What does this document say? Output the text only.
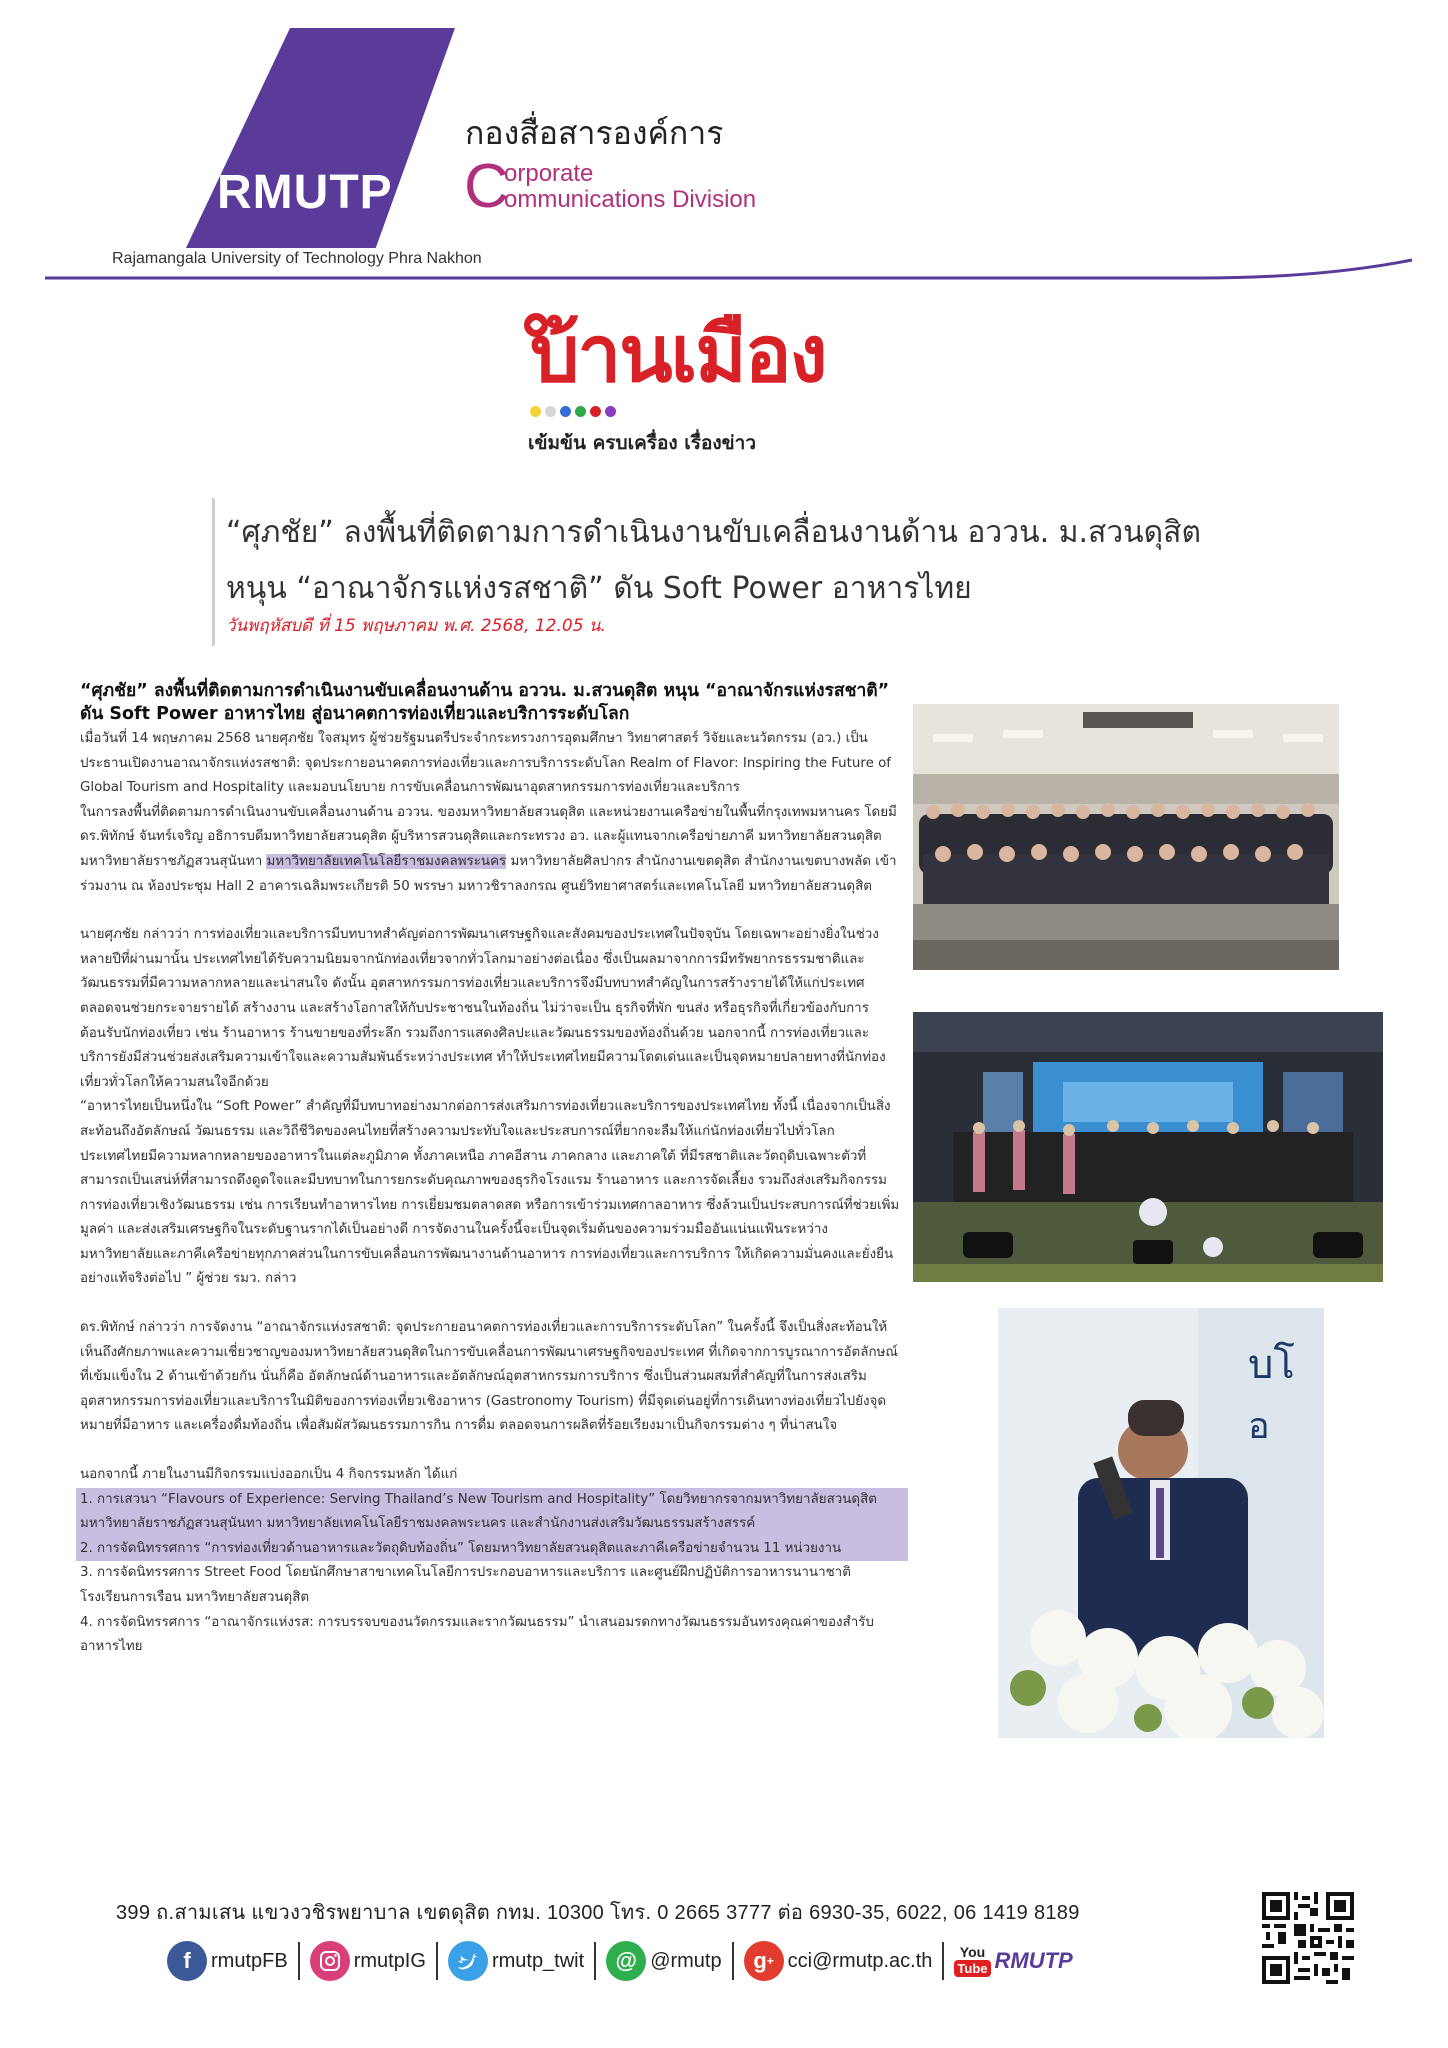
RMUTP
Rajamangala University of Technology Phra Nakhon
กองสื่อสารองค์การ
C
orporate
ommunications Division
บ้านเมือง
เข้มข้น ครบเครื่อง เรื่องข่าว
“ศุภชัย” ลงพื้นที่ติดตามการดำเนินงานขับเคลื่อนงานด้าน อววน. ม.สวนดุสิต
หนุน “อาณาจักรแห่งรสชาติ” ดัน Soft Power อาหารไทย
วันพฤหัสบดี ที่ 15 พฤษภาคม พ.ศ. 2568, 12.05 น.
“ศุภชัย” ลงพื้นที่ติดตามการดำเนินงานขับเคลื่อนงานด้าน อววน. ม.สวนดุสิต หนุน “อาณาจักรแห่งรสชาติ” ดัน Soft Power อาหารไทย สู่อนาคตการท่องเที่ยวและบริการระดับโลก

เมื่อวันที่ 14 พฤษภาคม 2568 นายศุภชัย ใจสมุทร ผู้ช่วยรัฐมนตรีประจำกระทรวงการอุดมศึกษา วิทยาศาสตร์ วิจัยและนวัตกรรม (อว.) เป็นประธานเปิดงานอาณาจักรแห่งรสชาติ: จุดประกายอนาคตการท่องเที่ยวและการบริการระดับโลก Realm of Flavor: Inspiring the Future of Global Tourism and Hospitality และมอบนโยบาย การขับเคลื่อนการพัฒนาอุตสาหกรรมการท่องเที่ยวและบริการ

ในการลงพื้นที่ติดตามการดำเนินงานขับเคลื่อนงานด้าน อววน. ของมหาวิทยาลัยสวนดุสิต และหน่วยงานเครือข่ายในพื้นที่กรุงเทพมหานคร โดยมี ดร.พิทักษ์ จันทร์เจริญ อธิการบดีมหาวิทยาลัยสวนดุสิต ผู้บริหารสวนดุสิตและกระทรวง อว. และผู้แทนจากเครือข่ายภาคี มหาวิทยาลัยสวนดุสิต มหาวิทยาลัยราชภัฏสวนสุนันทา มหาวิทยาลัยเทคโนโลยีราชมงคลพระนคร มหาวิทยาลัยศิลปากร สำนักงานเขตดุสิต สำนักงานเขตบางพลัด เข้าร่วมงาน ณ ห้องประชุม Hall 2 อาคารเฉลิมพระเกียรติ 50 พรรษา มหาวชิราลงกรณ ศูนย์วิทยาศาสตร์และเทคโนโลยี มหาวิทยาลัยสวนดุสิต

นายศุภชัย กล่าวว่า การท่องเที่ยวและบริการมีบทบาทสำคัญต่อการพัฒนาเศรษฐกิจและสังคมของประเทศในปัจจุบัน โดยเฉพาะอย่างยิ่งในช่วงหลายปีที่ผ่านมานั้น ประเทศไทยได้รับความนิยมจากนักท่องเที่ยวจากทั่วโลกมาอย่างต่อเนื่อง ซึ่งเป็นผลมาจากการมีทรัพยากรธรรมชาติและวัฒนธรรมที่มีความหลากหลายและน่าสนใจ ดังนั้น อุตสาหกรรมการท่องเที่ยวและบริการจึงมีบทบาทสำคัญในการสร้างรายได้ให้แก่ประเทศ ตลอดจนช่วยกระจายรายได้ สร้างงาน และสร้างโอกาสให้กับประชาชนในท้องถิ่น ไม่ว่าจะเป็น ธุรกิจที่พัก ขนส่ง หรือธุรกิจที่เกี่ยวข้องกับการต้อนรับนักท่องเที่ยว เช่น ร้านอาหาร ร้านขายของที่ระลึก รวมถึงการแสดงศิลปะและวัฒนธรรมของท้องถิ่นด้วย นอกจากนี้ การท่องเที่ยวและบริการยังมีส่วนช่วยส่งเสริมความเข้าใจและความสัมพันธ์ระหว่างประเทศ ทำให้ประเทศไทยมีความโดดเด่นและเป็นจุดหมายปลายทางที่นักท่องเที่ยวทั่วโลกให้ความสนใจอีกด้วย

“อาหารไทยเป็นหนึ่งใน “Soft Power” สำคัญที่มีบทบาทอย่างมากต่อการส่งเสริมการท่องเที่ยวและบริการของประเทศไทย ทั้งนี้ เนื่องจากเป็นสิ่งสะท้อนถึงอัตลักษณ์ วัฒนธรรม และวิถีชีวิตของคนไทยที่สร้างความประทับใจและประสบการณ์ที่ยากจะลืมให้แก่นักท่องเที่ยวไปทั่วโลกประเทศไทยมีความหลากหลายของอาหารในแต่ละภูมิภาค ทั้งภาคเหนือ ภาคอีสาน ภาคกลาง และภาคใต้ ที่มีรสชาติและวัตถุดิบเฉพาะตัวที่ สามารถเป็นเสน่ห์ที่สามารถดึงดูดใจและมีบทบาทในการยกระดับคุณภาพของธุรกิจโรงแรม ร้านอาหาร และการจัดเลี้ยง รวมถึงส่งเสริมกิจกรรมการท่องเที่ยวเชิงวัฒนธรรม เช่น การเรียนทำอาหารไทย การเยี่ยมชมตลาดสด หรือการเข้าร่วมเทศกาลอาหาร ซึ่งล้วนเป็นประสบการณ์ที่ช่วยเพิ่มมูลค่า และส่งเสริมเศรษฐกิจในระดับฐานรากได้เป็นอย่างดี การจัดงานในครั้งนี้จะเป็นจุดเริ่มต้นของความร่วมมืออันแน่นแฟ้นระหว่างมหาวิทยาลัยและภาคีเครือข่ายทุกภาคส่วนในการขับเคลื่อนการพัฒนางานด้านอาหาร การท่องเที่ยวและการบริการ ให้เกิดความมั่นคงและยั่งยืนอย่างแท้จริงต่อไป ” ผู้ช่วย รมว. กล่าว

ดร.พิทักษ์ กล่าวว่า การจัดงาน “อาณาจักรแห่งรสชาติ: จุดประกายอนาคตการท่องเที่ยวและการบริการระดับโลก” ในครั้งนี้ จึงเป็นสิ่งสะท้อนให้เห็นถึงศักยภาพและความเชี่ยวชาญของมหาวิทยาลัยสวนดุสิตในการขับเคลื่อนการพัฒนาเศรษฐกิจของประเทศ ที่เกิดจากการบูรณาการอัตลักษณ์ที่เข้มแข็งใน 2 ด้านเข้าด้วยกัน นั่นก็คือ อัตลักษณ์ด้านอาหารและอัตลักษณ์อุตสาหกรรมการบริการ ซึ่งเป็นส่วนผสมที่สำคัญที่ในการส่งเสริมอุตสาหกรรมการท่องเที่ยวและบริการในมิติของการท่องเที่ยวเชิงอาหาร (Gastronomy Tourism) ที่มีจุดเด่นอยู่ที่การเดินทางท่องเที่ยวไปยังจุดหมายที่มีอาหาร และเครื่องดื่มท้องถิ่น เพื่อสัมผัสวัฒนธรรมการกิน การดื่ม ตลอดจนการผลิตที่ร้อยเรียงมาเป็นกิจกรรมต่าง ๆ ที่น่าสนใจ

นอกจากนี้ ภายในงานมีกิจกรรมแบ่งออกเป็น 4 กิจกรรมหลัก ได้แก่

1. การเสวนา “Flavours of Experience: Serving Thailand’s New Tourism and Hospitality” โดยวิทยากรจากมหาวิทยาลัยสวนดุสิต มหาวิทยาลัยราชภัฏสวนสุนันทา มหาวิทยาลัยเทคโนโลยีราชมงคลพระนคร และสำนักงานส่งเสริมวัฒนธรรมสร้างสรรค์

2. การจัดนิทรรศการ “การท่องเที่ยวด้านอาหารและวัตถุดิบท้องถิ่น” โดยมหาวิทยาลัยสวนดุสิตและภาคีเครือข่ายจำนวน 11 หน่วยงาน

3. การจัดนิทรรศการ Street Food โดยนักศึกษาสาขาเทคโนโลยีการประกอบอาหารและบริการ และศูนย์ฝึกปฏิบัติการอาหารนานาชาติ โรงเรียนการเรือน มหาวิทยาลัยสวนดุสิต

4. การจัดนิทรรศการ “อาณาจักรแห่งรส: การบรรจบของนวัตกรรมและรากวัฒนธรรม” นำเสนอมรดกทางวัฒนธรรมอันทรงคุณค่าของสำรับอาหารไทย

บโ
อ
399 ถ.สามเสน แขวงวชิรพยาบาล เขตดุสิต กทม. 10300 โทร. 0 2665 3777 ต่อ 6930-35, 6022, 06 1419 8189
f	rmutpFB	rmutpIG	rmutp_twit	@ @rmutp	g + cci@rmutp.ac.th You
Tube RMUTP
